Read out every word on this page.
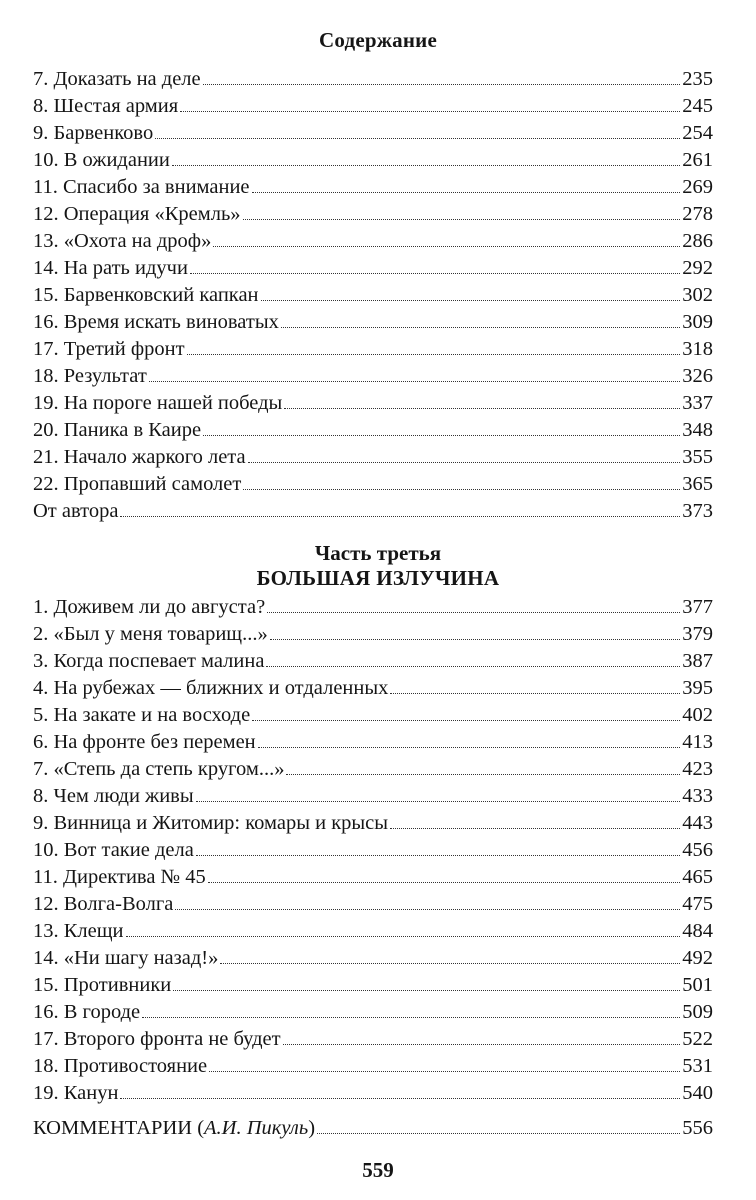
Содержание
7. Доказать на деле	235
8. Шестая армия	245
9. Барвенково	254
10. В ожидании	261
11. Спасибо за внимание	269
12. Операция «Кремль»	278
13. «Охота на дроф»	286
14. На рать идучи	292
15. Барвенковский капкан	302
16. Время искать виноватых	309
17. Третий фронт	318
18. Результат	326
19. На пороге нашей победы	337
20. Паника в Каире	348
21. Начало жаркого лета	355
22. Пропавший самолет	365
От автора	373
Часть третья
БОЛЬШАЯ ИЗЛУЧИНА
1. Доживем ли до августа?	377
2. «Был у меня товарищ...»	379
3. Когда поспевает малина	387
4. На рубежах — ближних и отдаленных	395
5. На закате и на восходе	402
6. На фронте без перемен	413
7. «Степь да степь кругом...»	423
8. Чем люди живы	433
9. Винница и Житомир: комары и крысы	443
10. Вот такие дела	456
11. Директива № 45	465
12. Волга-Волга	475
13. Клещи	484
14. «Ни шагу назад!»	492
15. Противники	501
16. В городе	509
17. Второго фронта не будет	522
18. Противостояние	531
19. Канун	540
КОММЕНТАРИИ (А.И. Пикуль)	556
559
